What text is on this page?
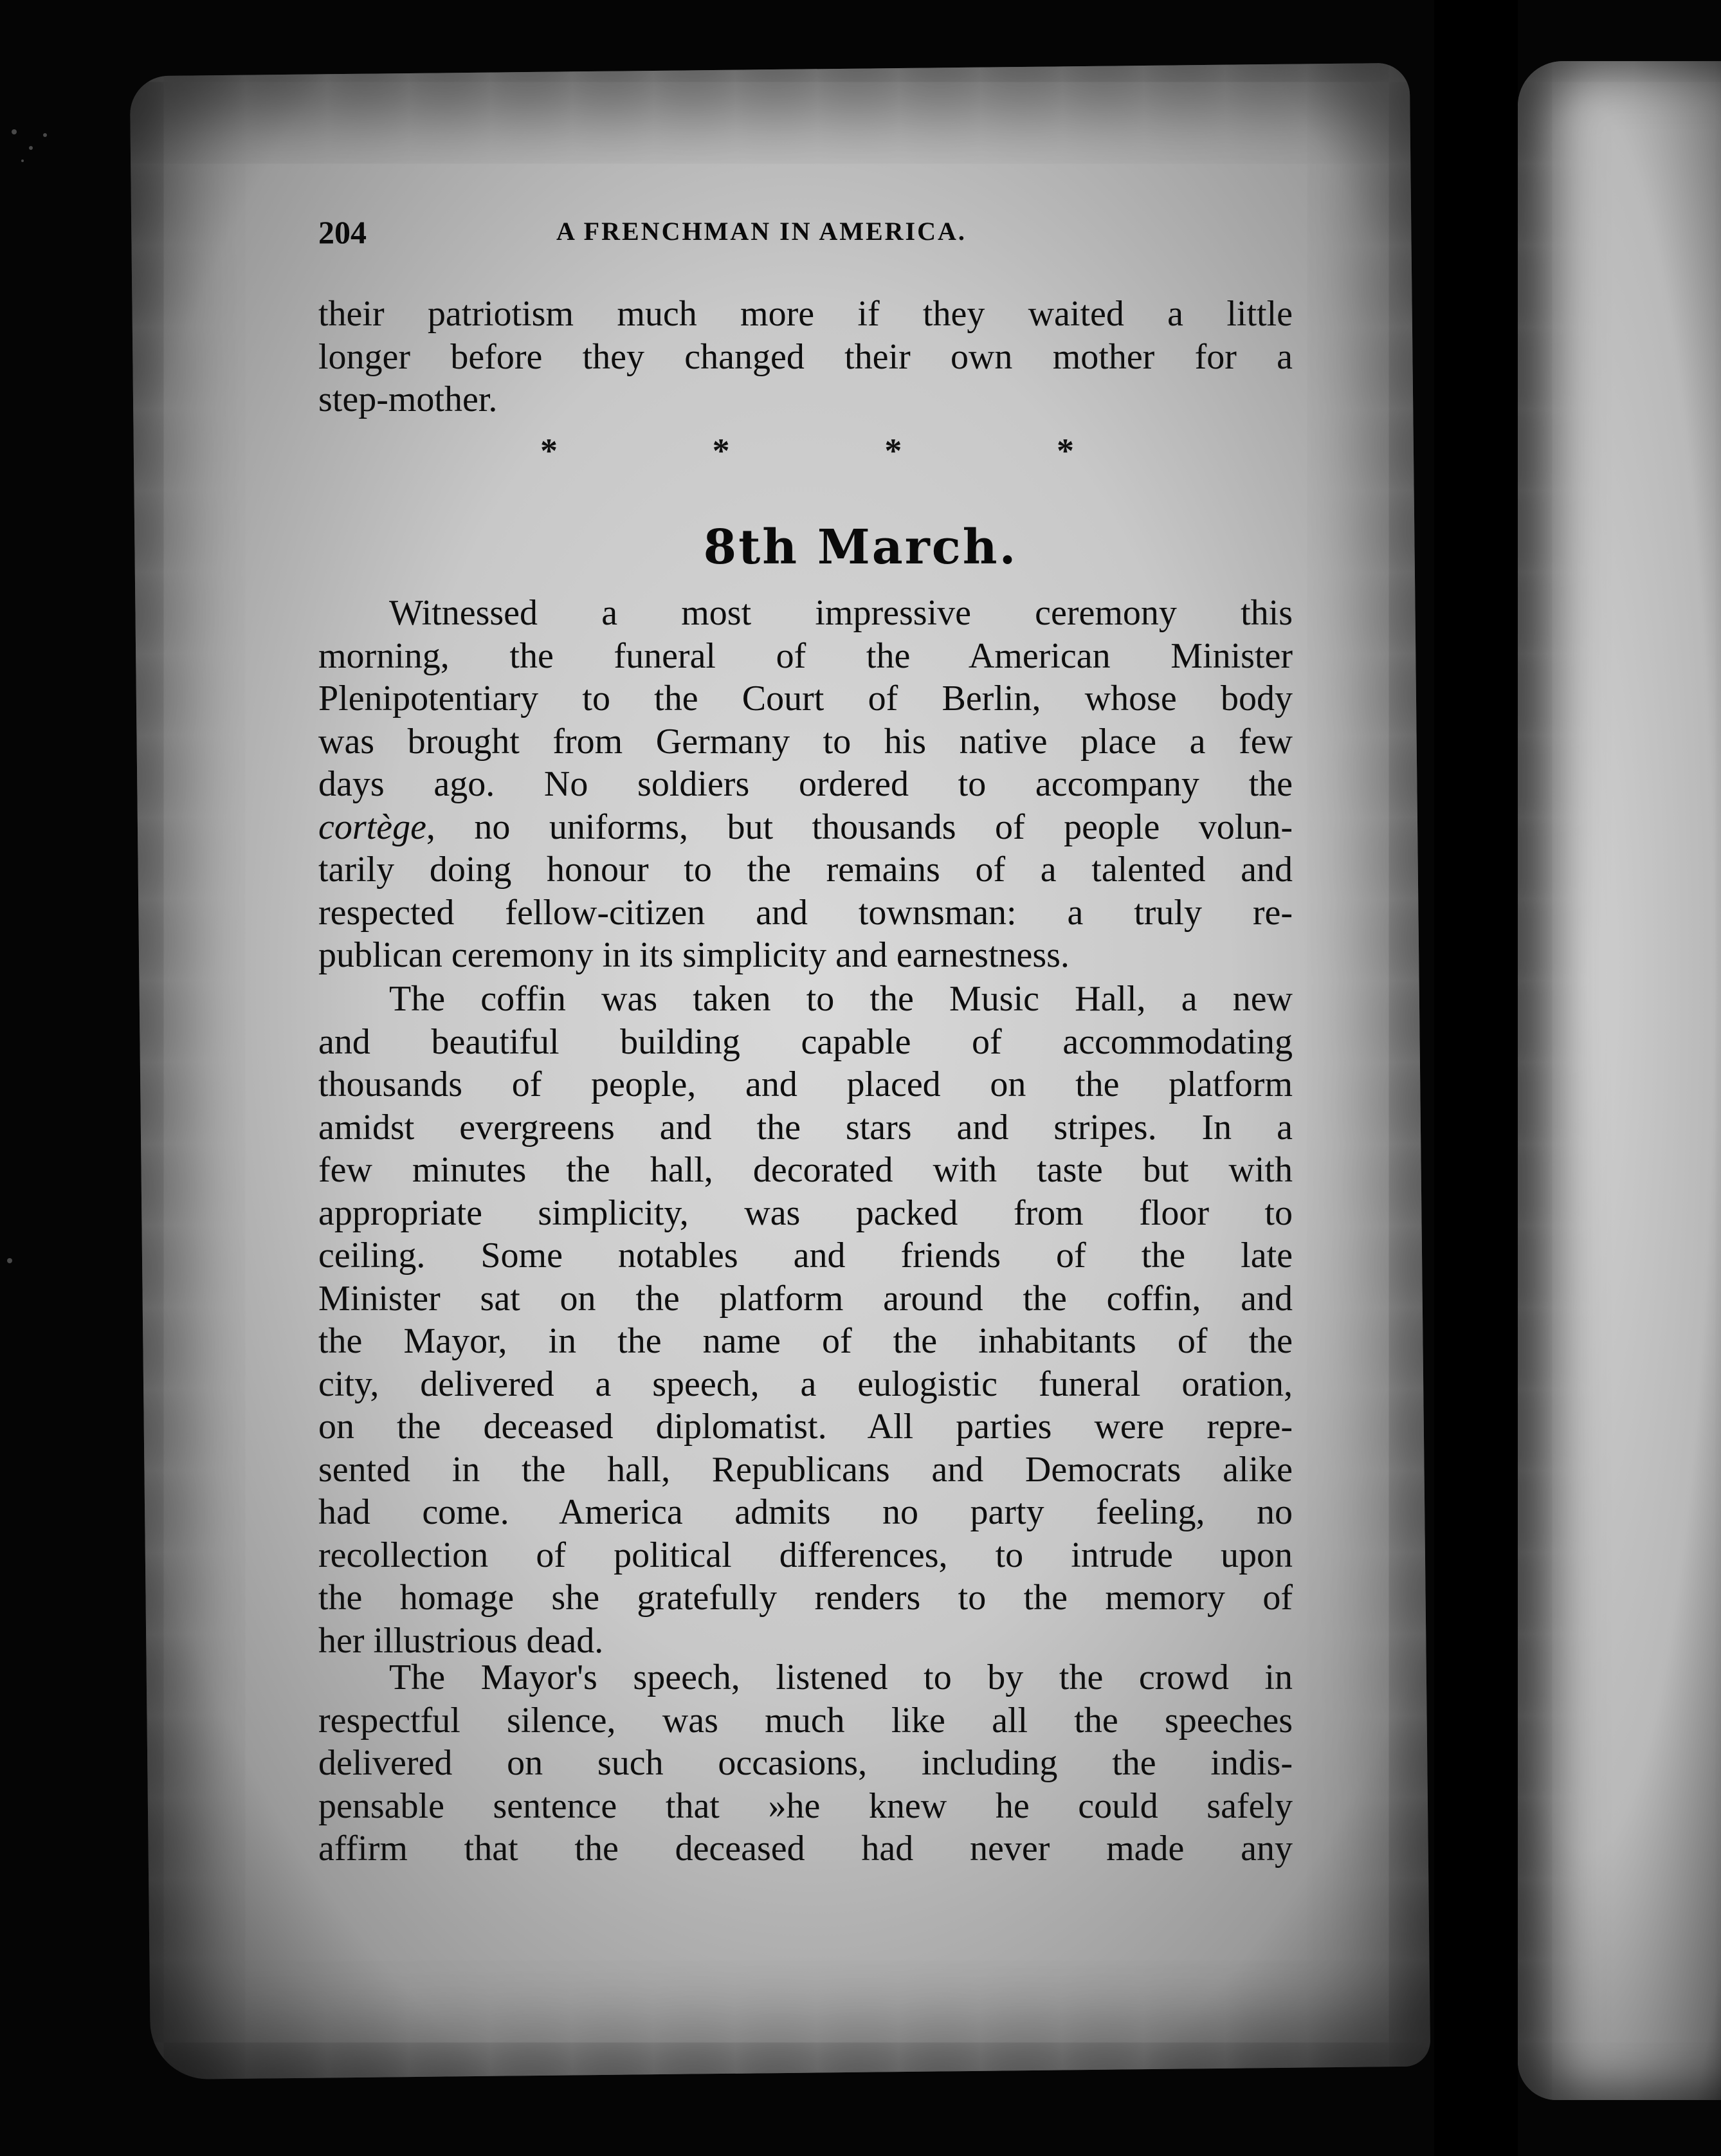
204	A FRENCHMAN IN AMERICA.
their patriotism much more if they waited a little
longer before they changed their own mother for a
step-mother.
*	*	*	*
8th March.
Witnessed a most impressive ceremony this
morning, the funeral of the American Minister
Plenipotentiary to the Court of Berlin, whose body
was brought from Germany to his native place a few
days ago. No soldiers ordered to accompany the
cortège, no uniforms, but thousands of people volun-
tarily doing honour to the remains of a talented and
respected fellow-citizen and townsman: a truly re-
publican ceremony in its simplicity and earnestness.
The coffin was taken to the Music Hall, a new
and beautiful building capable of accommodating
thousands of people, and placed on the platform
amidst evergreens and the stars and stripes. In a
few minutes the hall, decorated with taste but with
appropriate simplicity, was packed from floor to
ceiling. Some notables and friends of the late
Minister sat on the platform around the coffin, and
the Mayor, in the name of the inhabitants of the
city, delivered a speech, a eulogistic funeral oration,
on the deceased diplomatist. All parties were repre-
sented in the hall, Republicans and Democrats alike
had come. America admits no party feeling, no
recollection of political differences, to intrude upon
the homage she gratefully renders to the memory of
her illustrious dead.
The Mayor's speech, listened to by the crowd in
respectful silence, was much like all the speeches
delivered on such occasions, including the indis-
pensable sentence that »he knew he could safely
affirm that the deceased had never made any
